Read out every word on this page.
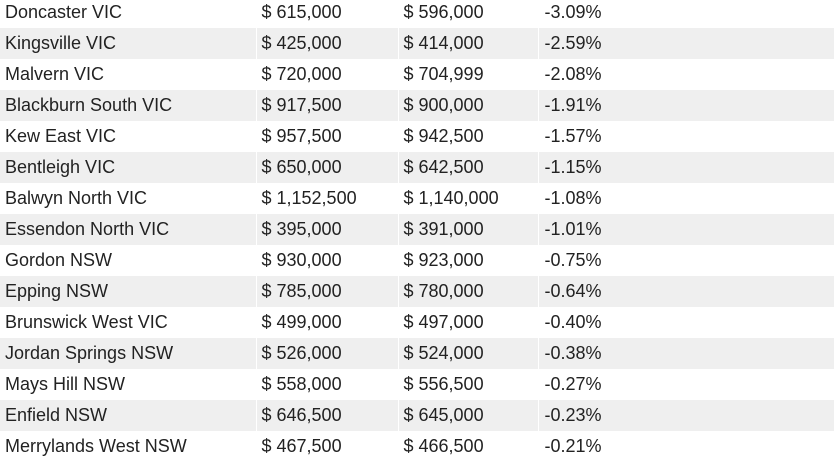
Doncaster VIC	$ 615,000	$ 596,000	-3.09%
Kingsville VIC	$ 425,000	$ 414,000	-2.59%
Malvern VIC	$ 720,000	$ 704,999	-2.08%
Blackburn South VIC	$ 917,500	$ 900,000	-1.91%
Kew East VIC	$ 957,500	$ 942,500	-1.57%
Bentleigh VIC	$ 650,000	$ 642,500	-1.15%
Balwyn North VIC	$ 1,152,500	$ 1,140,000	-1.08%
Essendon North VIC	$ 395,000	$ 391,000	-1.01%
Gordon NSW	$ 930,000	$ 923,000	-0.75%
Epping NSW	$ 785,000	$ 780,000	-0.64%
Brunswick West VIC	$ 499,000	$ 497,000	-0.40%
Jordan Springs NSW	$ 526,000	$ 524,000	-0.38%
Mays Hill NSW	$ 558,000	$ 556,500	-0.27%
Enfield NSW	$ 646,500	$ 645,000	-0.23%
Merrylands West NSW	$ 467,500	$ 466,500	-0.21%
